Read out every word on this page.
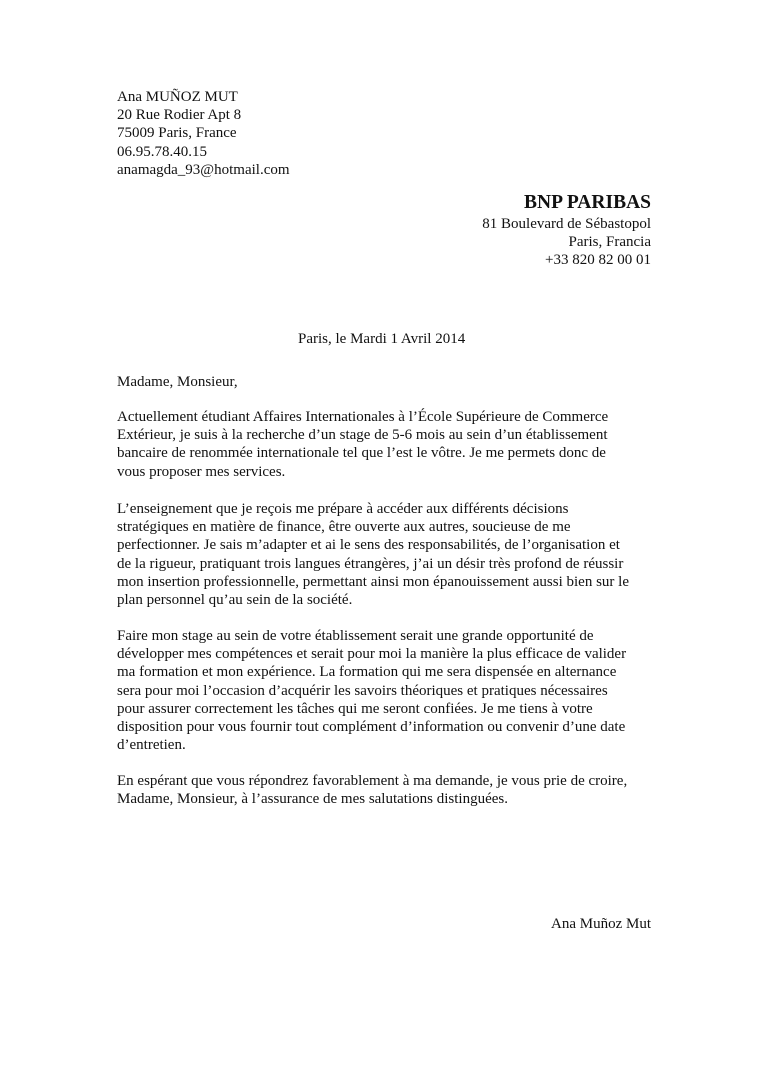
Ana MUÑOZ MUT
20 Rue Rodier Apt 8
75009 Paris, France
06.95.78.40.15
anamagda_93@hotmail.com
BNP PARIBAS
81 Boulevard de Sébastopol
Paris, Francia
+33 820 82 00 01
Paris, le Mardi 1 Avril 2014
Madame, Monsieur,
Actuellement étudiant Affaires Internationales à l’École Supérieure de Commerce
Extérieur, je suis à la recherche d’un stage de 5-6 mois au sein d’un établissement
bancaire de renommée internationale tel que l’est le vôtre. Je me permets donc de
vous proposer mes services.
L’enseignement que je reçois me prépare à accéder aux différents décisions
stratégiques en matière de finance, être ouverte aux autres, soucieuse de me
perfectionner. Je sais m’adapter et ai le sens des responsabilités, de l’organisation et
de la rigueur, pratiquant trois langues étrangères, j’ai un désir très profond de réussir
mon insertion professionnelle, permettant ainsi mon épanouissement aussi bien sur le
plan personnel qu’au sein de la société.
Faire mon stage au sein de votre établissement serait une grande opportunité de
développer mes compétences et serait pour moi la manière la plus efficace de valider
ma formation et mon expérience. La formation qui me sera dispensée en alternance
sera pour moi l’occasion d’acquérir les savoirs théoriques et pratiques nécessaires
pour assurer correctement les tâches qui me seront confiées. Je me tiens à votre
disposition pour vous fournir tout complément d’information ou convenir d’une date
d’entretien.
En espérant que vous répondrez favorablement à ma demande, je vous prie de croire,
Madame, Monsieur, à l’assurance de mes salutations distinguées.
Ana Muñoz Mut
